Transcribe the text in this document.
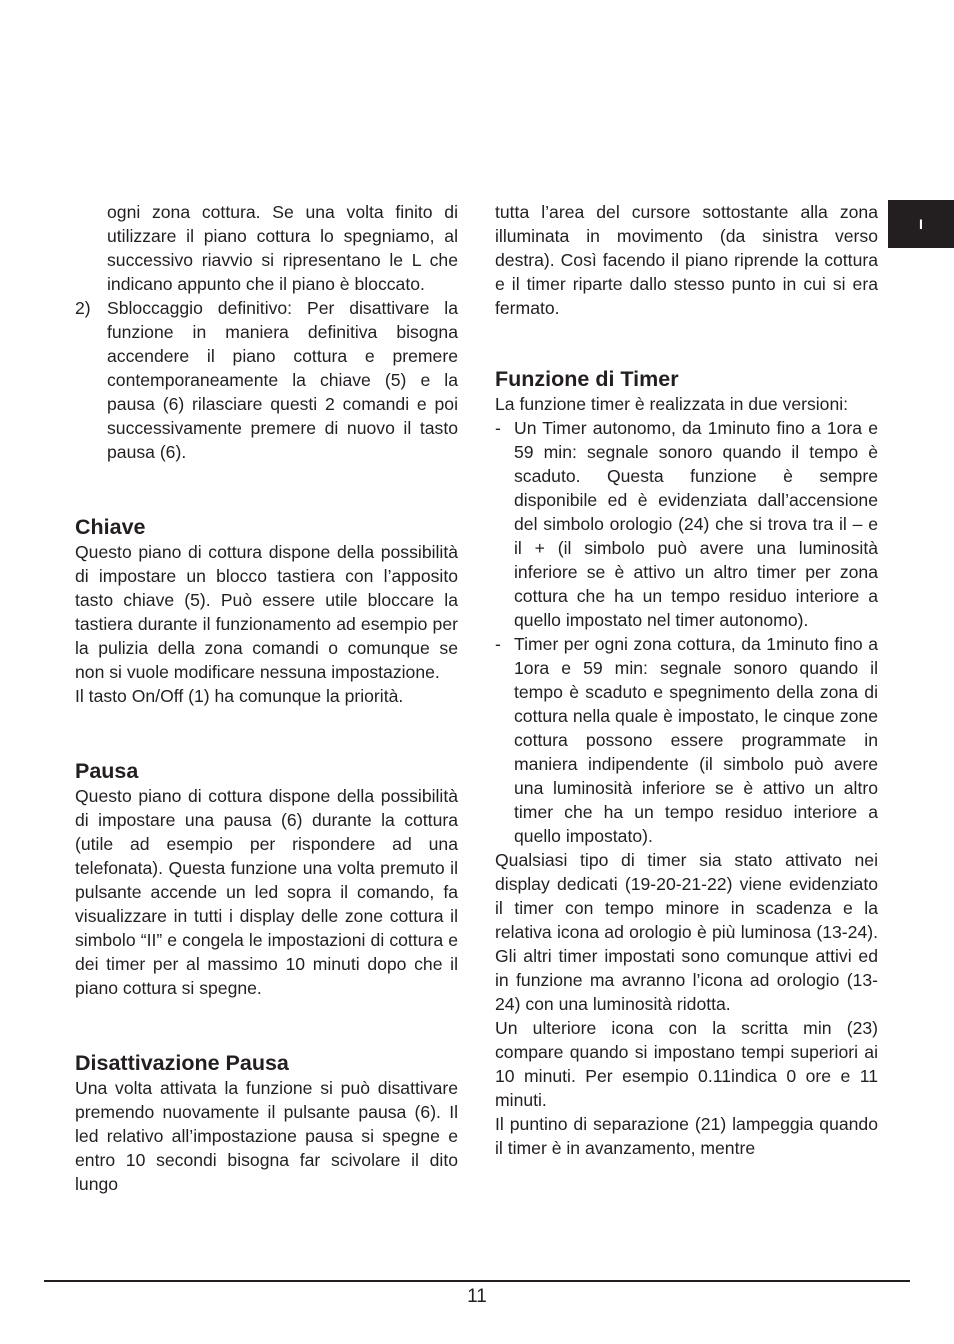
I

ogni zona cottura. Se una volta finito di utilizzare il piano cottura lo spegniamo, al successivo riavvio si ripresentano le L che indicano appunto che il piano è bloccato.

2) Sbloccaggio definitivo: Per disattivare la funzione in maniera definitiva bisogna accendere il piano cottura e premere contemporaneamente la chiave (5) e la pausa (6) rilasciare questi 2 comandi e poi successivamente premere di nuovo il tasto pausa (6).
Chiave

Questo piano di cottura dispone della possibilità di impostare un blocco tastiera con l’apposito tasto chiave (5). Può essere utile bloccare la tastiera durante il funzionamento ad esempio per la pulizia della zona comandi o comunque se non si vuole modificare nessuna impostazione.

Il tasto On/Off (1) ha comunque la priorità.

Pausa

Questo piano di cottura dispone della possibilità di impostare una pausa (6) durante la cottura (utile ad esempio per rispondere ad una telefonata). Questa funzione una volta premuto il pulsante accende un led sopra il comando, fa visualizzare in tutti i display delle zone cottura il simbolo “II” e congela le impostazioni di cottura e dei timer per al massimo 10 minuti dopo che il piano cottura si spegne.

Disattivazione Pausa

Una volta attivata la funzione si può disattivare premendo nuovamente il pulsante pausa (6). Il led relativo all’impostazione pausa si spegne e entro 10 secondi bisogna far scivolare il dito lungo

tutta l’area del cursore sottostante alla zona illuminata in movimento (da sinistra verso destra). Così facendo il piano riprende la cottura e il timer riparte dallo stesso punto in cui si era fermato.

Funzione di Timer

La funzione timer è realizzata in due versioni:

- Un Timer autonomo, da 1minuto fino a 1ora e 59 min: segnale sonoro quando il tempo è scaduto. Questa funzione è sempre disponibile ed è evidenziata dall’accensione del simbolo orologio (24) che si trova tra il – e il + (il simbolo può avere una luminosità inferiore se è attivo un altro timer per zona cottura che ha un tempo residuo interiore a quello impostato nel timer autonomo).
- Timer per ogni zona cottura, da 1minuto fino a 1ora e 59 min: segnale sonoro quando il tempo è scaduto e spegnimento della zona di cottura nella quale è impostato, le cinque zone cottura possono essere programmate in maniera indipendente (il simbolo può avere una luminosità inferiore se è attivo un altro timer che ha un tempo residuo interiore a quello impostato).

Qualsiasi tipo di timer sia stato attivato nei display dedicati (19-20-21-22) viene evidenziato il timer con tempo minore in scadenza e la relativa icona ad orologio è più luminosa (13-24). Gli altri timer impostati sono comunque attivi ed in funzione ma avranno l’icona ad orologio (13-24) con una luminosità ridotta.

Un ulteriore icona con la scritta min (23) compare quando si impostano tempi superiori ai 10 minuti. Per esempio 0.11indica 0 ore e 11 minuti.

Il puntino di separazione (21) lampeggia quando il timer è in avanzamento, mentre

11
